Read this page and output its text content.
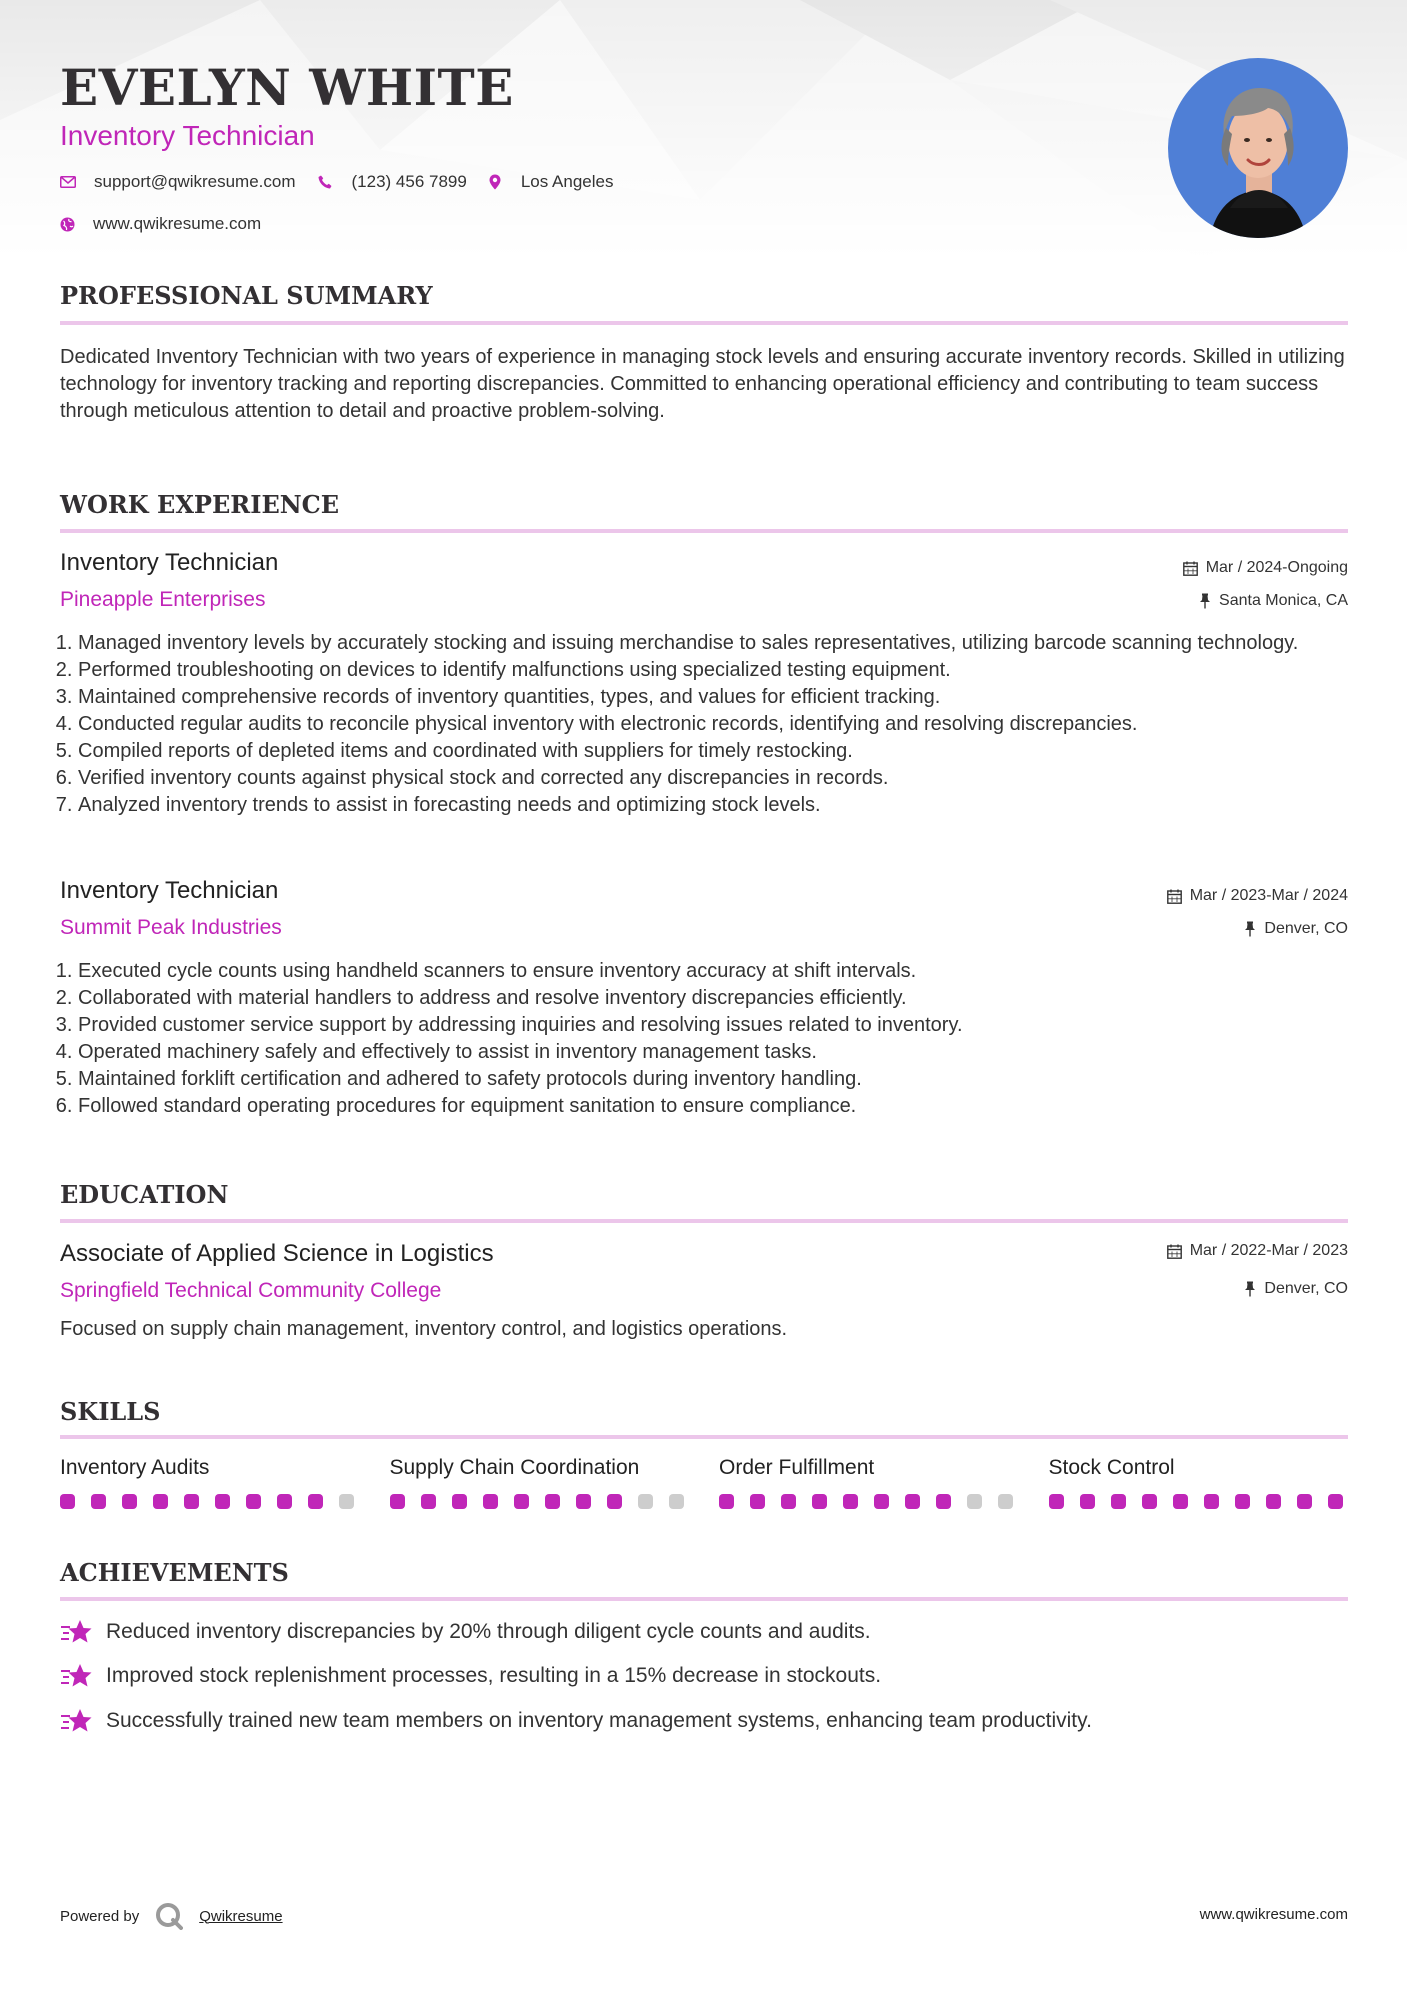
EVELYN WHITE
Inventory Technician
support@qwikresume.com	(123) 456 7899	Los Angeles
www.qwikresume.com
PROFESSIONAL SUMMARY
Dedicated Inventory Technician with two years of experience in managing stock levels and ensuring accurate inventory records. Skilled in utilizing technology for inventory tracking and reporting discrepancies. Committed to enhancing operational efficiency and contributing to team success through meticulous attention to detail and proactive problem-solving.
WORK EXPERIENCE
Inventory Technician
Pineapple Enterprises
Mar / 2024-Ongoing
Santa Monica, CA
1. Managed inventory levels by accurately stocking and issuing merchandise to sales representatives, utilizing barcode scanning technology.
2. Performed troubleshooting on devices to identify malfunctions using specialized testing equipment.
3. Maintained comprehensive records of inventory quantities, types, and values for efficient tracking.
4. Conducted regular audits to reconcile physical inventory with electronic records, identifying and resolving discrepancies.
5. Compiled reports of depleted items and coordinated with suppliers for timely restocking.
6. Verified inventory counts against physical stock and corrected any discrepancies in records.
7. Analyzed inventory trends to assist in forecasting needs and optimizing stock levels.
Inventory Technician
Summit Peak Industries
Mar / 2023-Mar / 2024
Denver, CO
1. Executed cycle counts using handheld scanners to ensure inventory accuracy at shift intervals.
2. Collaborated with material handlers to address and resolve inventory discrepancies efficiently.
3. Provided customer service support by addressing inquiries and resolving issues related to inventory.
4. Operated machinery safely and effectively to assist in inventory management tasks.
5. Maintained forklift certification and adhered to safety protocols during inventory handling.
6. Followed standard operating procedures for equipment sanitation to ensure compliance.
EDUCATION
Associate of Applied Science in Logistics
Springfield Technical Community College
Mar / 2022-Mar / 2023
Denver, CO
Focused on supply chain management, inventory control, and logistics operations.
SKILLS
Inventory Audits	Supply Chain Coordination	Order Fulfillment	Stock Control
ACHIEVEMENTS
Reduced inventory discrepancies by 20% through diligent cycle counts and audits.
Improved stock replenishment processes, resulting in a 15% decrease in stockouts.
Successfully trained new team members on inventory management systems, enhancing team productivity.
Powered by	Qwikresume	www.qwikresume.com
